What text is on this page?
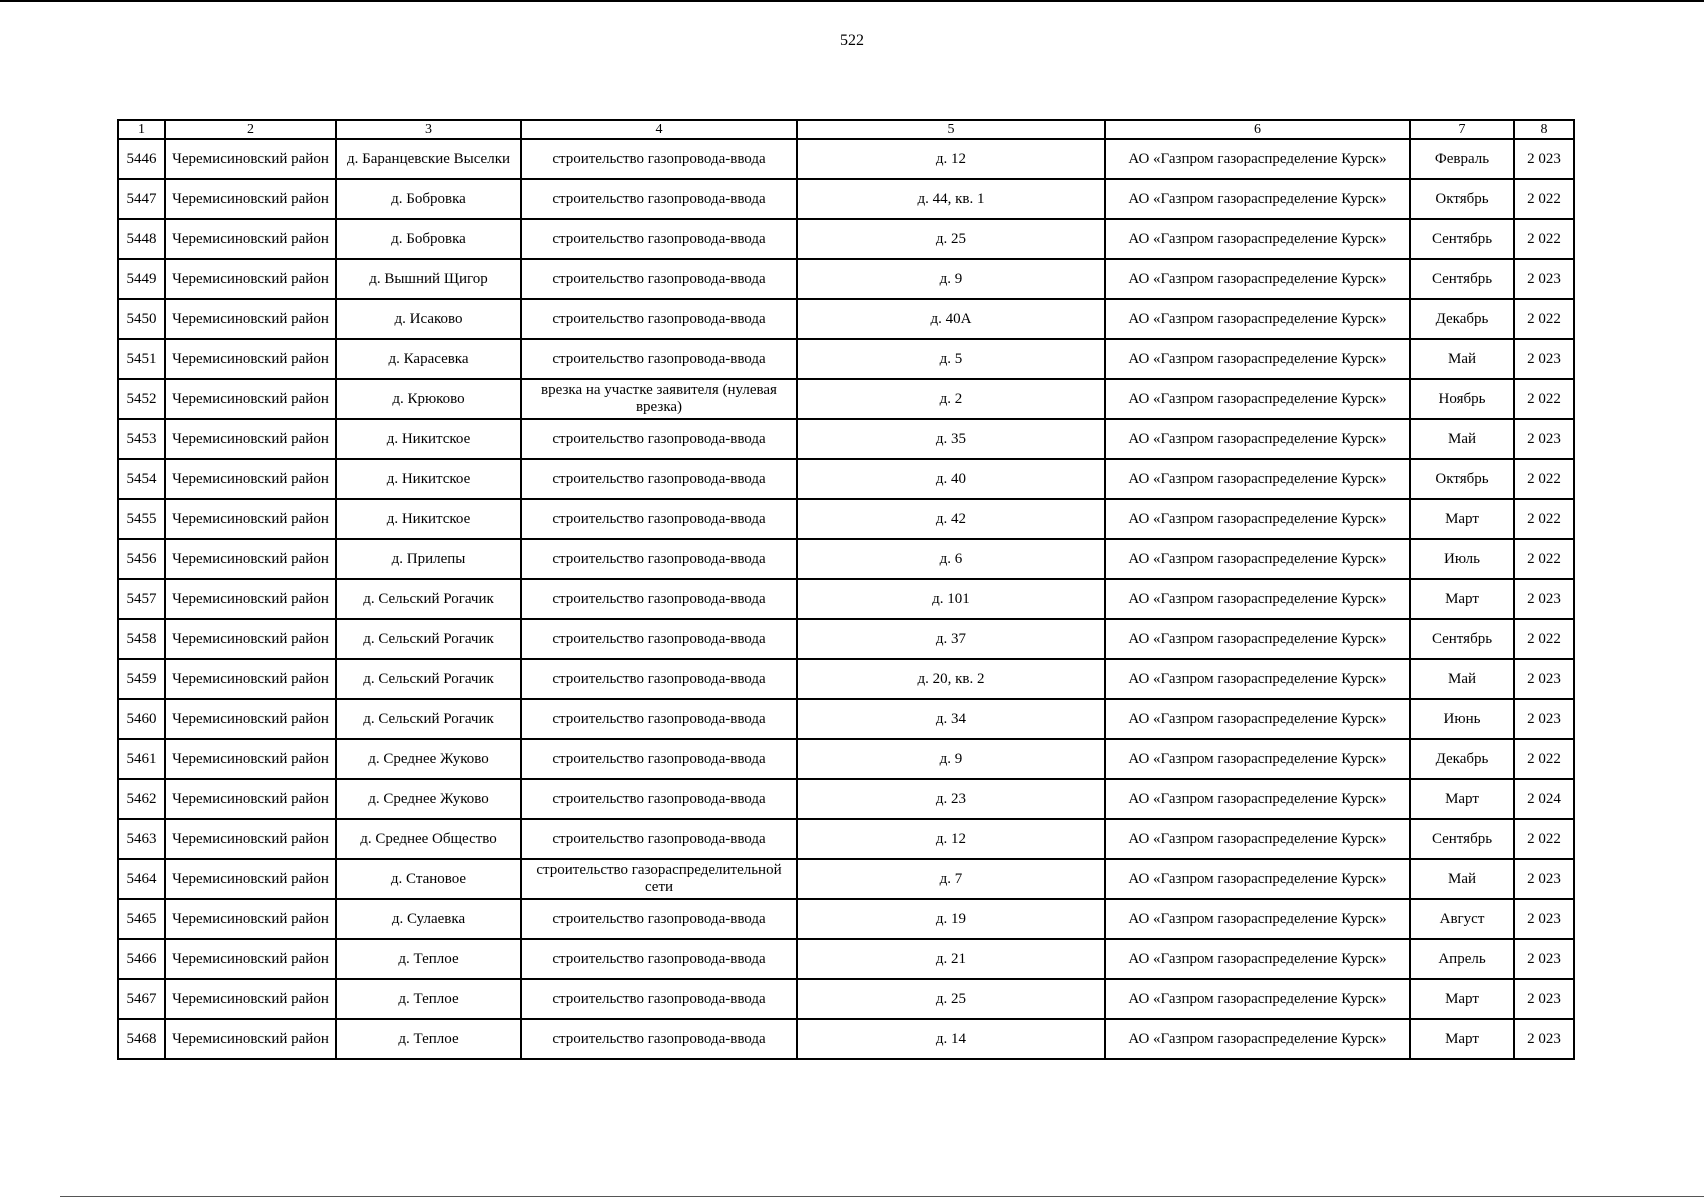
522
1	2	3	4	5	6	7	8
5446	Черемисиновский район	д. Баранцевские Выселки	строительство газопровода-ввода	д. 12	АО «Газпром газораспределение Курск»	Февраль	2 023
5447	Черемисиновский район	д. Бобровка	строительство газопровода-ввода	д. 44, кв. 1	АО «Газпром газораспределение Курск»	Октябрь	2 022
5448	Черемисиновский район	д. Бобровка	строительство газопровода-ввода	д. 25	АО «Газпром газораспределение Курск»	Сентябрь	2 022
5449	Черемисиновский район	д. Вышний Щигор	строительство газопровода-ввода	д. 9	АО «Газпром газораспределение Курск»	Сентябрь	2 023
5450	Черемисиновский район	д. Исаково	строительство газопровода-ввода	д. 40А	АО «Газпром газораспределение Курск»	Декабрь	2 022
5451	Черемисиновский район	д. Карасевка	строительство газопровода-ввода	д. 5	АО «Газпром газораспределение Курск»	Май	2 023
5452	Черемисиновский район	д. Крюково	врезка на участке заявителя (нулевая врезка)	д. 2	АО «Газпром газораспределение Курск»	Ноябрь	2 022
5453	Черемисиновский район	д. Никитское	строительство газопровода-ввода	д. 35	АО «Газпром газораспределение Курск»	Май	2 023
5454	Черемисиновский район	д. Никитское	строительство газопровода-ввода	д. 40	АО «Газпром газораспределение Курск»	Октябрь	2 022
5455	Черемисиновский район	д. Никитское	строительство газопровода-ввода	д. 42	АО «Газпром газораспределение Курск»	Март	2 022
5456	Черемисиновский район	д. Прилепы	строительство газопровода-ввода	д. 6	АО «Газпром газораспределение Курск»	Июль	2 022
5457	Черемисиновский район	д. Сельский Рогачик	строительство газопровода-ввода	д. 101	АО «Газпром газораспределение Курск»	Март	2 023
5458	Черемисиновский район	д. Сельский Рогачик	строительство газопровода-ввода	д. 37	АО «Газпром газораспределение Курск»	Сентябрь	2 022
5459	Черемисиновский район	д. Сельский Рогачик	строительство газопровода-ввода	д. 20, кв. 2	АО «Газпром газораспределение Курск»	Май	2 023
5460	Черемисиновский район	д. Сельский Рогачик	строительство газопровода-ввода	д. 34	АО «Газпром газораспределение Курск»	Июнь	2 023
5461	Черемисиновский район	д. Среднее Жуково	строительство газопровода-ввода	д. 9	АО «Газпром газораспределение Курск»	Декабрь	2 022
5462	Черемисиновский район	д. Среднее Жуково	строительство газопровода-ввода	д. 23	АО «Газпром газораспределение Курск»	Март	2 024
5463	Черемисиновский район	д. Среднее Общество	строительство газопровода-ввода	д. 12	АО «Газпром газораспределение Курск»	Сентябрь	2 022
5464	Черемисиновский район	д. Становое	строительство газораспределительной сети	д. 7	АО «Газпром газораспределение Курск»	Май	2 023
5465	Черемисиновский район	д. Сулаевка	строительство газопровода-ввода	д. 19	АО «Газпром газораспределение Курск»	Август	2 023
5466	Черемисиновский район	д. Теплое	строительство газопровода-ввода	д. 21	АО «Газпром газораспределение Курск»	Апрель	2 023
5467	Черемисиновский район	д. Теплое	строительство газопровода-ввода	д. 25	АО «Газпром газораспределение Курск»	Март	2 023
5468	Черемисиновский район	д. Теплое	строительство газопровода-ввода	д. 14	АО «Газпром газораспределение Курск»	Март	2 023
